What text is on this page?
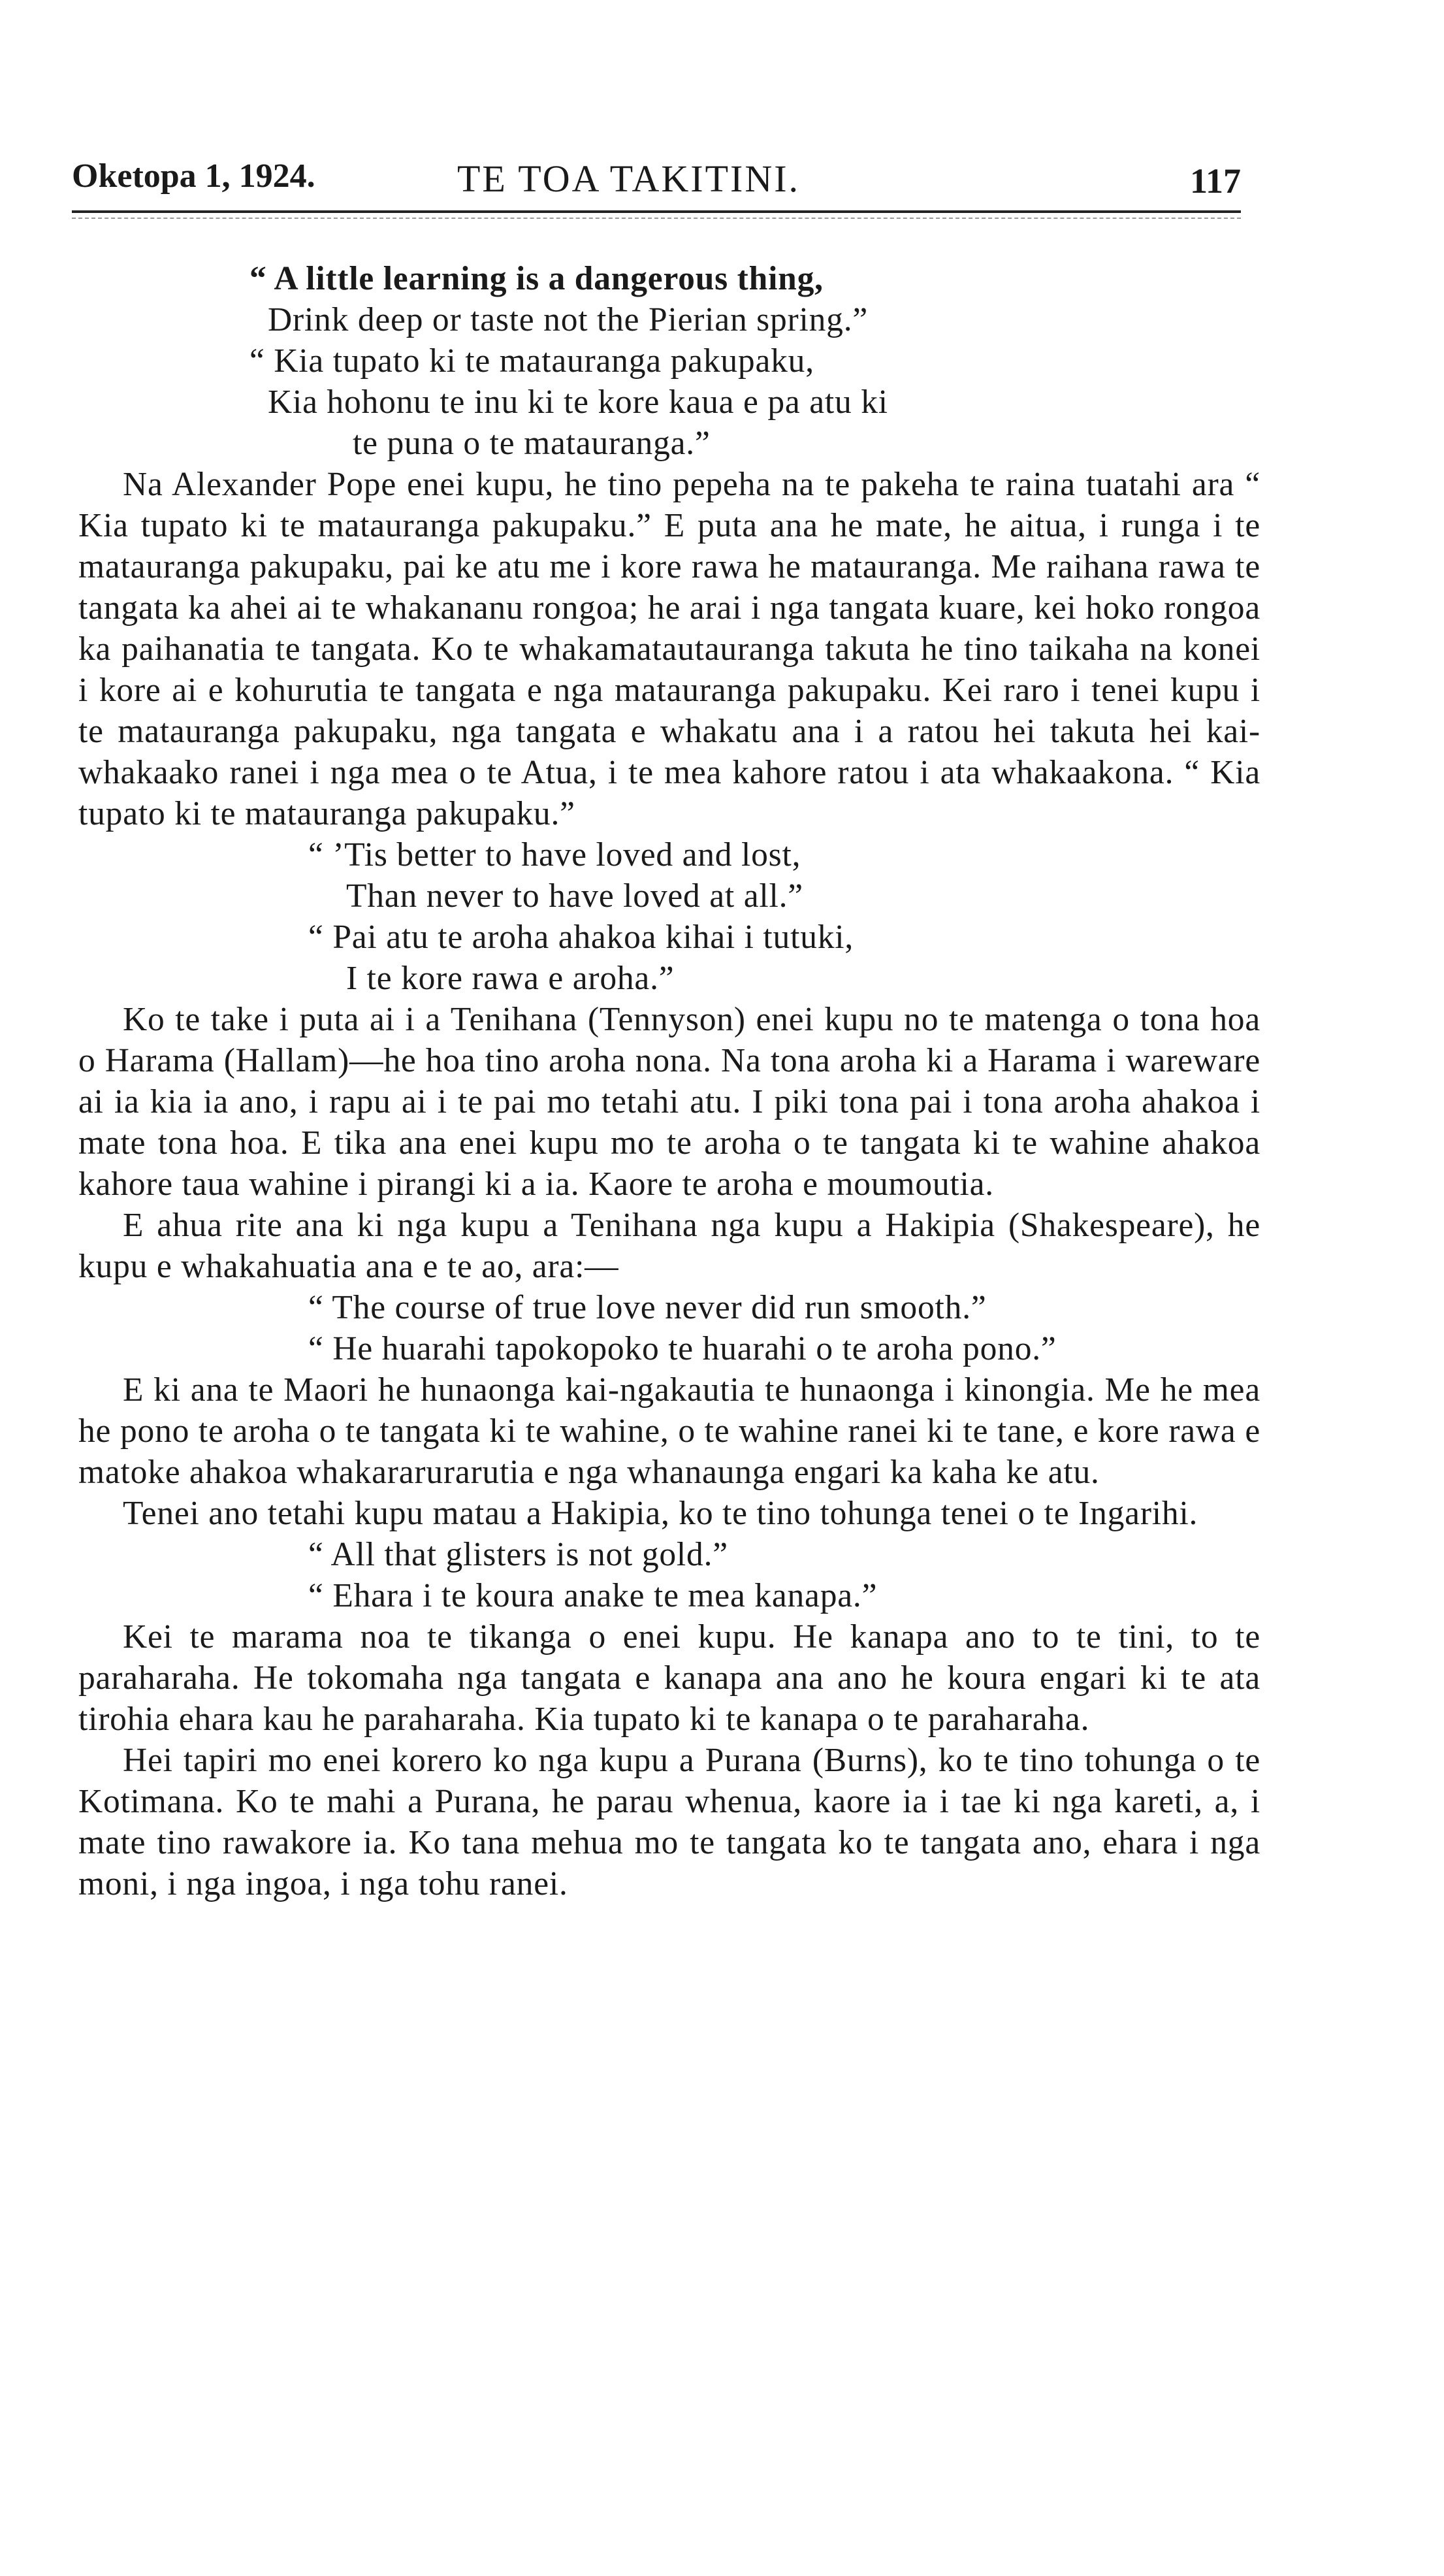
Oketopa 1, 1924.	TE TOA TAKITINI.	117

“ A little learning is a dangerous thing,

Drink deep or taste not the Pierian spring.”

“ Kia tupato ki te matauranga pakupaku,

Kia hohonu te inu ki te kore kaua e pa atu ki

te puna o te matauranga.”

Na Alexander Pope enei kupu, he tino pepeha na te pakeha te raina tuatahi ara “ Kia tupato ki te matauranga pakupaku.” E puta ana he mate, he aitua, i runga i te matauranga pakupaku, pai ke atu me i kore rawa he matauranga. Me raihana rawa te tangata ka ahei ai te whakananu rongoa; he arai i nga tangata kuare, kei hoko rongoa ka paihanatia te tangata. Ko te whakamatautauranga takuta he tino taikaha na konei i kore ai e kohurutia te tangata e nga matauranga pakupaku. Kei raro i tenei kupu i te matauranga pakupaku, nga tangata e whakatu ana i a ratou hei takuta hei kai-whakaako ranei i nga mea o te Atua, i te mea kahore ratou i ata whakaakona. “ Kia tupato ki te matauranga pakupaku.”

“ ’Tis better to have loved and lost,

Than never to have loved at all.”

“ Pai atu te aroha ahakoa kihai i tutuki,

I te kore rawa e aroha.”

Ko te take i puta ai i a Tenihana (Tennyson) enei kupu no te matenga o tona hoa o Harama (Hallam)—he hoa tino aroha nona. Na tona aroha ki a Harama i wareware ai ia kia ia ano, i rapu ai i te pai mo tetahi atu. I piki tona pai i tona aroha ahakoa i mate tona hoa. E tika ana enei kupu mo te aroha o te tangata ki te wahine ahakoa kahore taua wahine i pirangi ki a ia. Kaore te aroha e moumoutia.

E ahua rite ana ki nga kupu a Tenihana nga kupu a Hakipia (Shakespeare), he kupu e whakahuatia ana e te ao, ara:—

“ The course of true love never did run smooth.”

“ He huarahi tapokopoko te huarahi o te aroha pono.”

E ki ana te Maori he hunaonga kai-ngakautia te hunaonga i kinongia. Me he mea he pono te aroha o te tangata ki te wahine, o te wahine ranei ki te tane, e kore rawa e matoke ahakoa whakararurarutia e nga whanaunga engari ka kaha ke atu.

Tenei ano tetahi kupu matau a Hakipia, ko te tino tohunga tenei o te Ingarihi.

“ All that glisters is not gold.”

“ Ehara i te koura anake te mea kanapa.”

Kei te marama noa te tikanga o enei kupu. He kanapa ano to te tini, to te paraharaha. He tokomaha nga tangata e kanapa ana ano he koura engari ki te ata tirohia ehara kau he paraharaha. Kia tupato ki te kanapa o te paraharaha.

Hei tapiri mo enei korero ko nga kupu a Purana (Burns), ko te tino tohunga o te Kotimana. Ko te mahi a Purana, he parau whenua, kaore ia i tae ki nga kareti, a, i mate tino rawakore ia. Ko tana mehua mo te tangata ko te tangata ano, ehara i nga moni, i nga ingoa, i nga tohu ranei.
